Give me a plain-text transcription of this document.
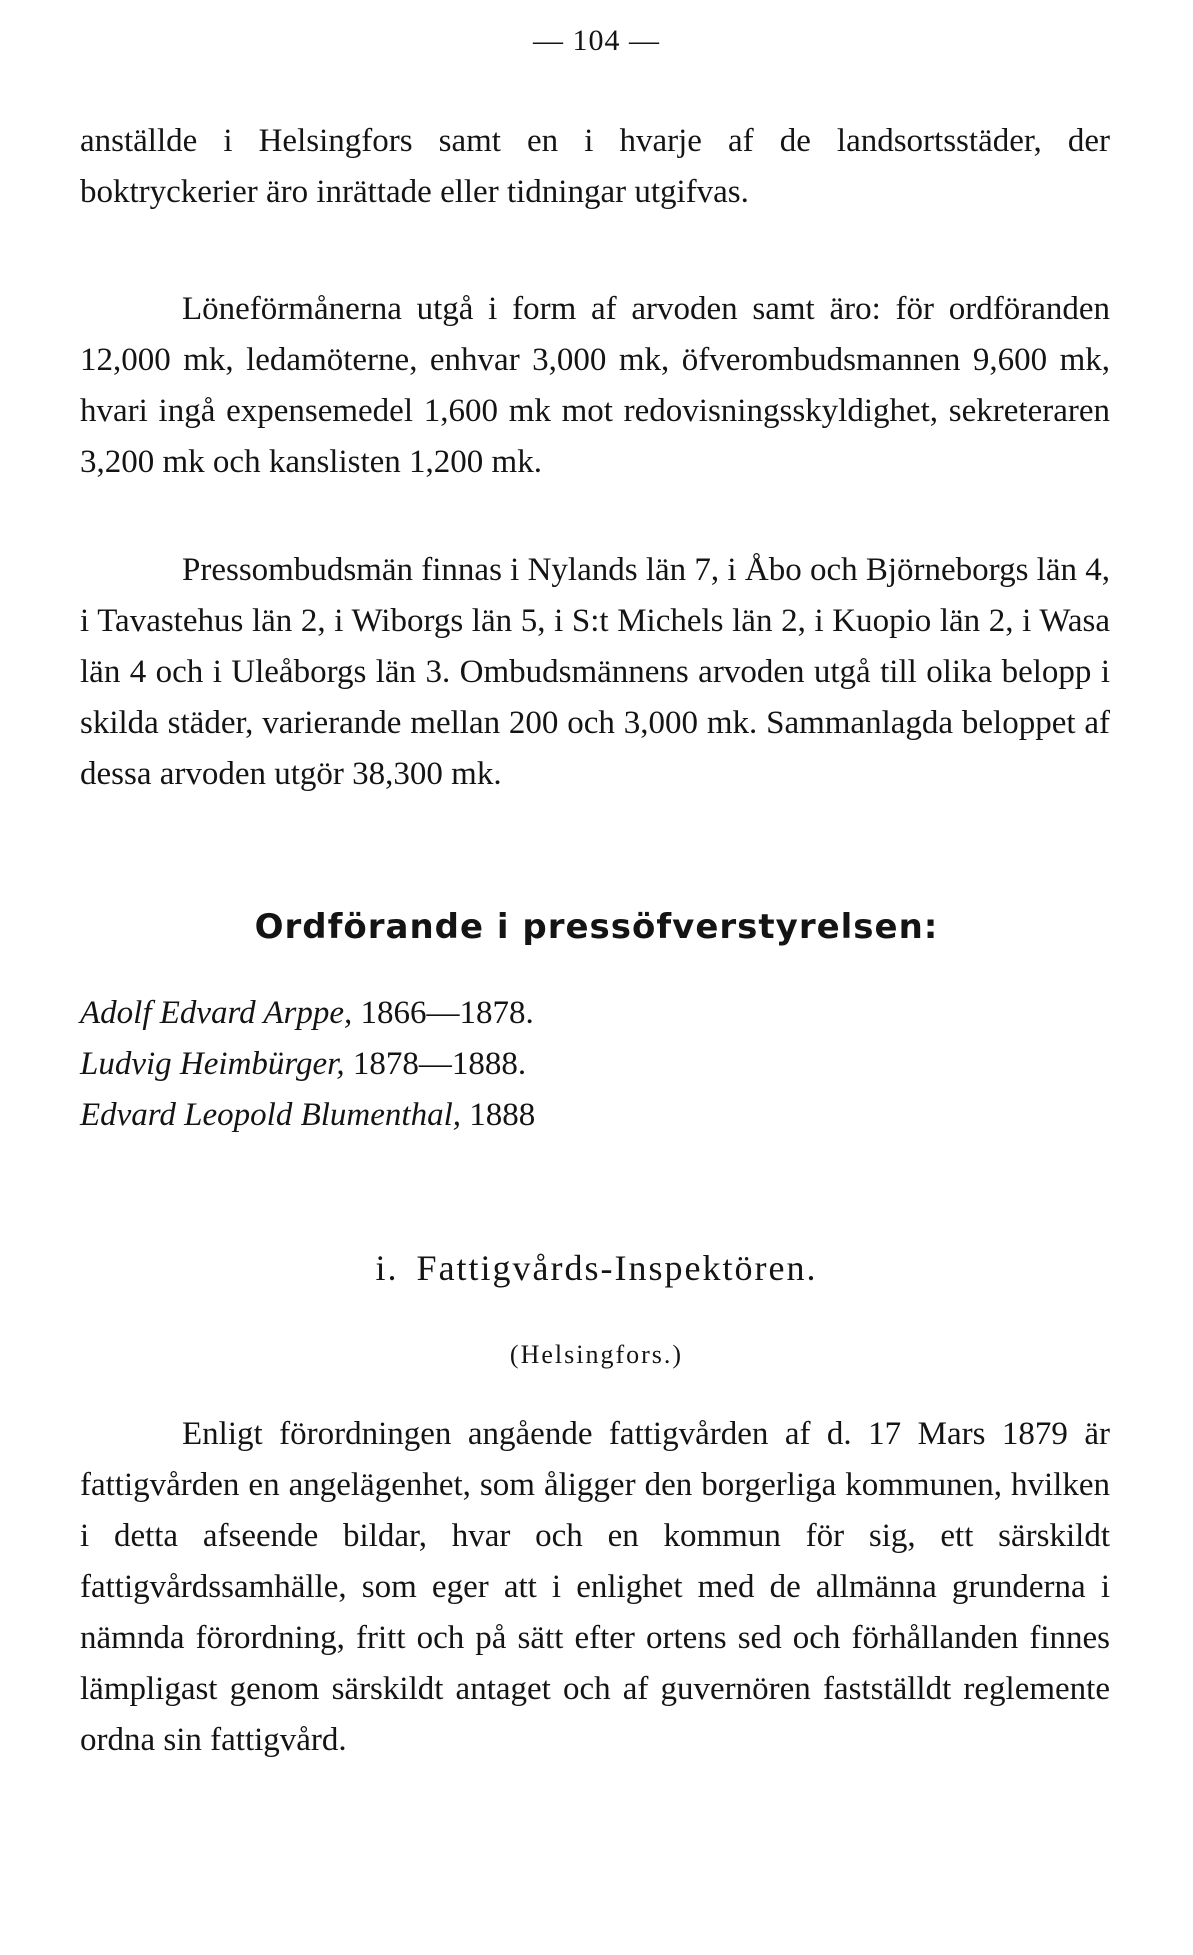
— 104 —

anställde i Helsingfors samt en i hvarje af de landsortsstäder, der boktryckerier äro inrättade eller tidningar utgifvas.

Löneförmånerna utgå i form af arvoden samt äro: för ordföranden 12,000 mk, ledamöterne, enhvar 3,000 mk, öfverombudsmannen 9,600 mk, hvari ingå expensemedel 1,600 mk mot redovisningsskyldighet, sekreteraren 3,200 mk och kanslisten 1,200 mk.

Pressombudsmän finnas i Nylands län 7, i Åbo och Björneborgs län 4, i Tavastehus län 2, i Wiborgs län 5, i S:t Michels län 2, i Kuopio län 2, i Wasa län 4 och i Uleåborgs län 3. Ombudsmännens arvoden utgå till olika belopp i skilda städer, varierande mellan 200 och 3,000 mk. Sammanlagda beloppet af dessa arvoden utgör 38,300 mk.

Ordförande i pressöfverstyrelsen:
Adolf Edvard Arppe, 1866—1878.
Ludvig Heimbürger, 1878—1888.
Edvard Leopold Blumenthal, 1888
i. Fattigvårds-Inspektören.
(Helsingfors.)

Enligt förordningen angående fattigvården af d. 17 Mars 1879 är fattigvården en angelägenhet, som åligger den borgerliga kommunen, hvilken i detta afseende bildar, hvar och en kommun för sig, ett särskildt fattigvårdssamhälle, som eger att i enlighet med de allmänna grunderna i nämnda förordning, fritt och på sätt efter ortens sed och förhållanden finnes lämpligast genom särskildt antaget och af guvernören fastställdt reglemente ordna sin fattigvård.
